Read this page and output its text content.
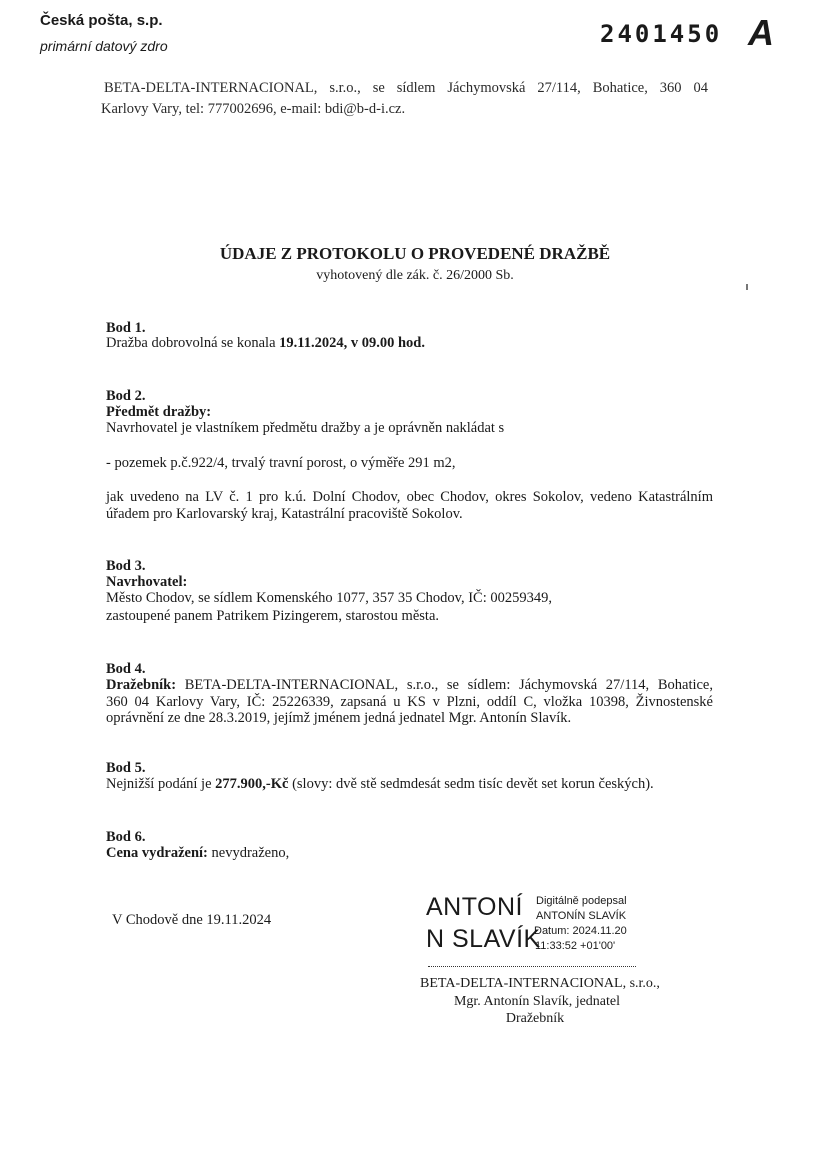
Česká pošta, s.p.
primární datový zdro	2401450 A
BETA-DELTA-INTERNACIONAL, s.r.o., se sídlem Jáchymovská 27/114, Bohatice, 360 04
Karlovy Vary, tel: 777002696, e-mail: bdi@b-d-i.cz.
ÚDAJE Z PROTOKOLU O PROVEDENÉ DRAŽBĚ
vyhotovený dle zák. č. 26/2000 Sb.
Bod 1.
Dražba dobrovolná se konala 19.11.2024, v 09.00 hod.
Bod 2.
Předmět dražby:
Navrhovatel je vlastníkem předmětu dražby a je oprávněn nakládat s
- pozemek p.č.922/4, trvalý travní porost, o výměře 291 m2,
jak uvedeno na LV č. 1 pro k.ú. Dolní Chodov, obec Chodov, okres Sokolov, vedeno Katastrálním
úřadem pro Karlovarský kraj, Katastrální pracoviště Sokolov.
Bod 3.
Navrhovatel:
Město Chodov, se sídlem Komenského 1077, 357 35 Chodov, IČ: 00259349,
zastoupené panem Patrikem Pizingerem, starostou města.
Bod 4.
Dražebník: BETA-DELTA-INTERNACIONAL, s.r.o., se sídlem: Jáchymovská 27/114, Bohatice,
360 04 Karlovy Vary, IČ: 25226339, zapsaná u KS v Plzni, oddíl C, vložka 10398, Živnostenské
oprávnění ze dne 28.3.2019, jejímž jménem jedná jednatel Mgr. Antonín Slavík.
Bod 5.
Nejnižší podání je 277.900,-Kč (slovy: dvě stě sedmdesát sedm tisíc devět set korun českých).
Bod 6.
Cena vydražení: nevydraženo,
V Chodově dne 19.11.2024	ANTONÍ
N SLAVÍK
Digitálně podepsal
ANTONÍN SLAVÍK
Datum: 2024.11.20
11:33:52 +01'00'
BETA-DELTA-INTERNACIONAL, s.r.o.,
Mgr. Antonín Slavík, jednatel
Dražebník
